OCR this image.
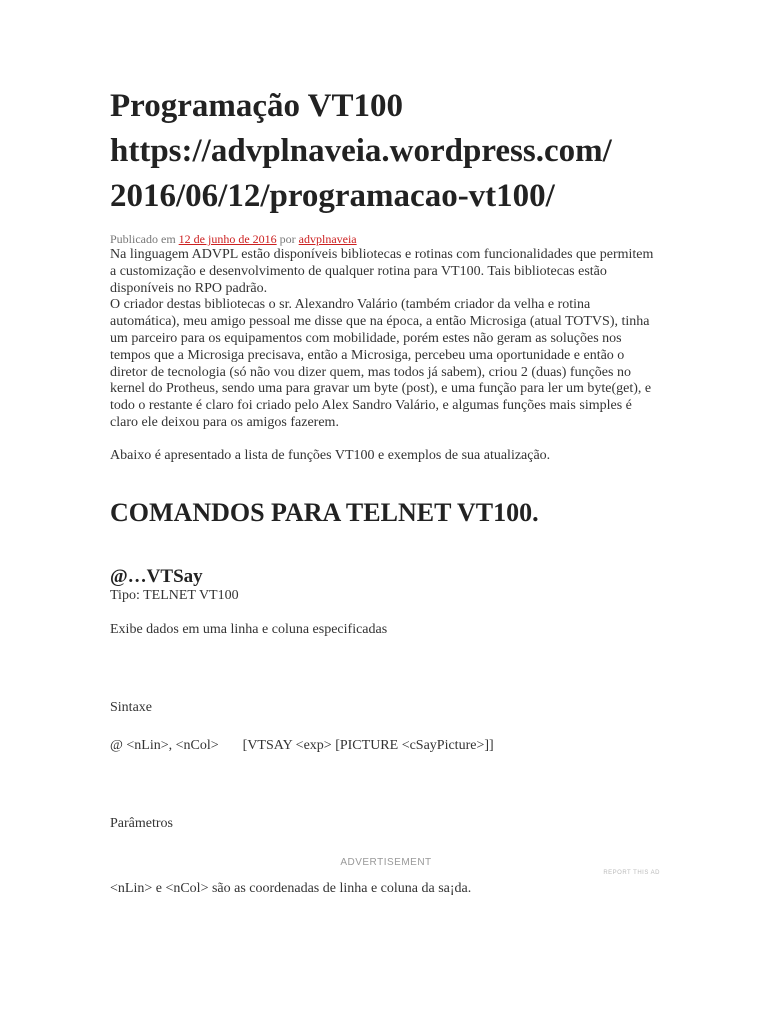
Programação VT100
https://advplnaveia.wordpress.com/
2016/06/12/programacao-vt100/
Publicado em 12 de junho de 2016 por advplnaveia

Na linguagem ADVPL estão disponíveis bibliotecas e rotinas com funcionalidades que permitem a customização e desenvolvimento de qualquer rotina para VT100. Tais bibliotecas estão disponíveis no RPO padrão.

O criador destas bibliotecas o sr. Alexandro Valário (também criador da velha e rotina automática), meu amigo pessoal me disse que na época, a então Microsiga (atual TOTVS), tinha um parceiro para os equipamentos com mobilidade, porém estes não geram as soluções nos tempos que a Microsiga precisava, então a Microsiga, percebeu uma oportunidade e então o diretor de tecnologia (só não vou dizer quem, mas todos já sabem), criou 2 (duas) funções no kernel do Protheus, sendo uma para gravar um byte (post), e uma função para ler um byte(get), e todo o restante é claro foi criado pelo Alex Sandro Valário, e algumas funções mais simples é claro ele deixou para os amigos fazerem.

Abaixo é apresentado a lista de funções VT100 e exemplos de sua atualização.

COMANDOS PARA TELNET VT100.
@…VTSay

Tipo: TELNET VT100

Exibe dados em uma linha e coluna especificadas

Sintaxe

@ <nLin>, <nCol> [VTSAY <exp> [PICTURE <cSayPicture>]]

Parâmetros

ADVERTISEMENT
REPORT THIS AD

<nLin> e <nCol> são as coordenadas de linha e coluna da sa¡da.
